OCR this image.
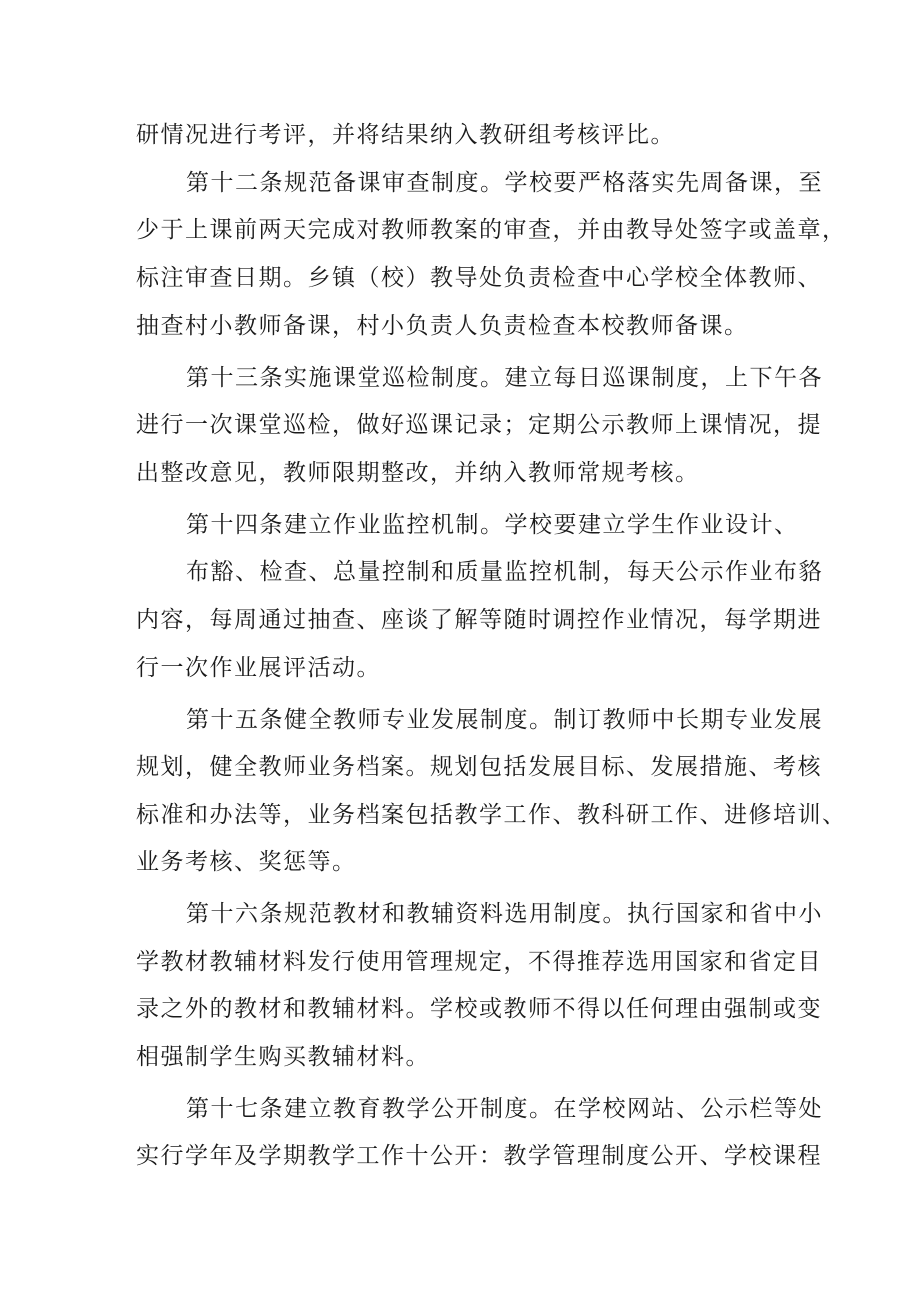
研情况进行考评，并将结果纳入教研组考核评比。
第十二条规范备课审查制度。学校要严格落实先周备课，至
少于上课前两天完成对教师教案的审查，并由教导处签字或盖章，
标注审查日期。乡镇（校）教导处负责检查中心学校全体教师、
抽查村小教师备课，村小负责人负责检查本校教师备课。
第十三条实施课堂巡检制度。建立每日巡课制度，上下午各
进行一次课堂巡检，做好巡课记录；定期公示教师上课情况，提
出整改意见，教师限期整改，并纳入教师常规考核。
第十四条建立作业监控机制。学校要建立学生作业设计、
布豁、检查、总量控制和质量监控机制，每天公示作业布貉
内容，每周通过抽查、座谈了解等随时调控作业情况，每学期进
行一次作业展评活动。
第十五条健全教师专业发展制度。制订教师中长期专业发展
规划，健全教师业务档案。规划包括发展目标、发展措施、考核
标准和办法等，业务档案包括教学工作、教科研工作、进修培训、
业务考核、奖惩等。
第十六条规范教材和教辅资料选用制度。执行国家和省中小
学教材教辅材料发行使用管理规定，不得推荐选用国家和省定目
录之外的教材和教辅材料。学校或教师不得以任何理由强制或变
相强制学生购买教辅材料。
第十七条建立教育教学公开制度。在学校网站、公示栏等处
实行学年及学期教学工作十公开：教学管理制度公开、学校课程
